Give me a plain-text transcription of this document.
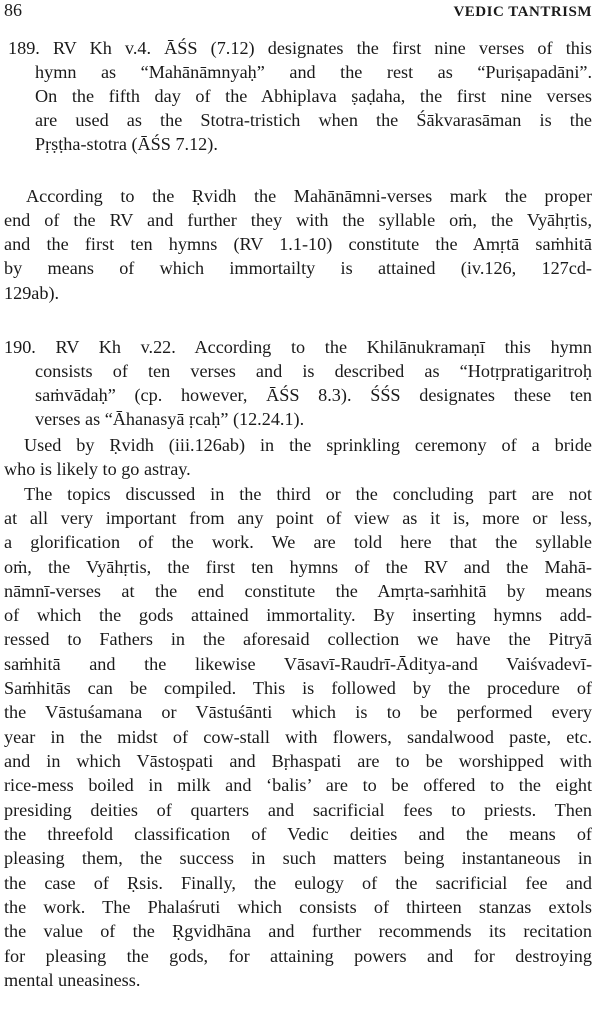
86	VEDIC TANTRISM
189. RV Kh v.4. ĀŚS (7.12) designates the first nine verses of this
hymn as “Mahānāmnyaḥ” and the rest as “Puriṣapadāni”.
On the fifth day of the Abhiplava ṣaḍaha, the first nine verses
are used as the Stotra-tristich when the Śākvarasāman is the
Pṛṣṭha-stotra (ĀŚS 7.12).
According to the Ṛvidh the Mahānāmni-verses mark the proper
end of the RV and further they with the syllable oṁ, the Vyāhṛtis,
and the first ten hymns (RV 1.1-10) constitute the Amṛtā saṁhitā
by means of which immortailty is attained (iv.126, 127cd-
129ab).
190. RV Kh v.22. According to the Khilānukramaṇī this hymn
consists of ten verses and is described as “Hotṛpratigaritroḥ
saṁvādaḥ” (cp. however, ĀŚS 8.3). ŚŚS designates these ten
verses as “Āhanasyā ṛcaḥ” (12.24.1).
Used by Ṛvidh (iii.126ab) in the sprinkling ceremony of a bride
who is likely to go astray.
The topics discussed in the third or the concluding part are not
at all very important from any point of view as it is, more or less,
a glorification of the work. We are told here that the syllable
oṁ, the Vyāhṛtis, the first ten hymns of the RV and the Mahā-
nāmnī-verses at the end constitute the Amṛta-saṁhitā by means
of which the gods attained immortality. By inserting hymns add-
ressed to Fathers in the aforesaid collection we have the Pitryā
saṁhitā and the likewise Vāsavī-Raudrī-Āditya-and Vaiśvadevī-
Saṁhitās can be compiled. This is followed by the procedure of
the Vāstuśamana or Vāstuśānti which is to be performed every
year in the midst of cow-stall with flowers, sandalwood paste, etc.
and in which Vāstoṣpati and Bṛhaspati are to be worshipped with
rice-mess boiled in milk and ‘balis’ are to be offered to the eight
presiding deities of quarters and sacrificial fees to priests. Then
the threefold classification of Vedic deities and the means of
pleasing them, the success in such matters being instantaneous in
the case of Ṛsis. Finally, the eulogy of the sacrificial fee and
the work. The Phalaśruti which consists of thirteen stanzas extols
the value of the Ṛgvidhāna and further recommends its recitation
for pleasing the gods, for attaining powers and for destroying
mental uneasiness.
